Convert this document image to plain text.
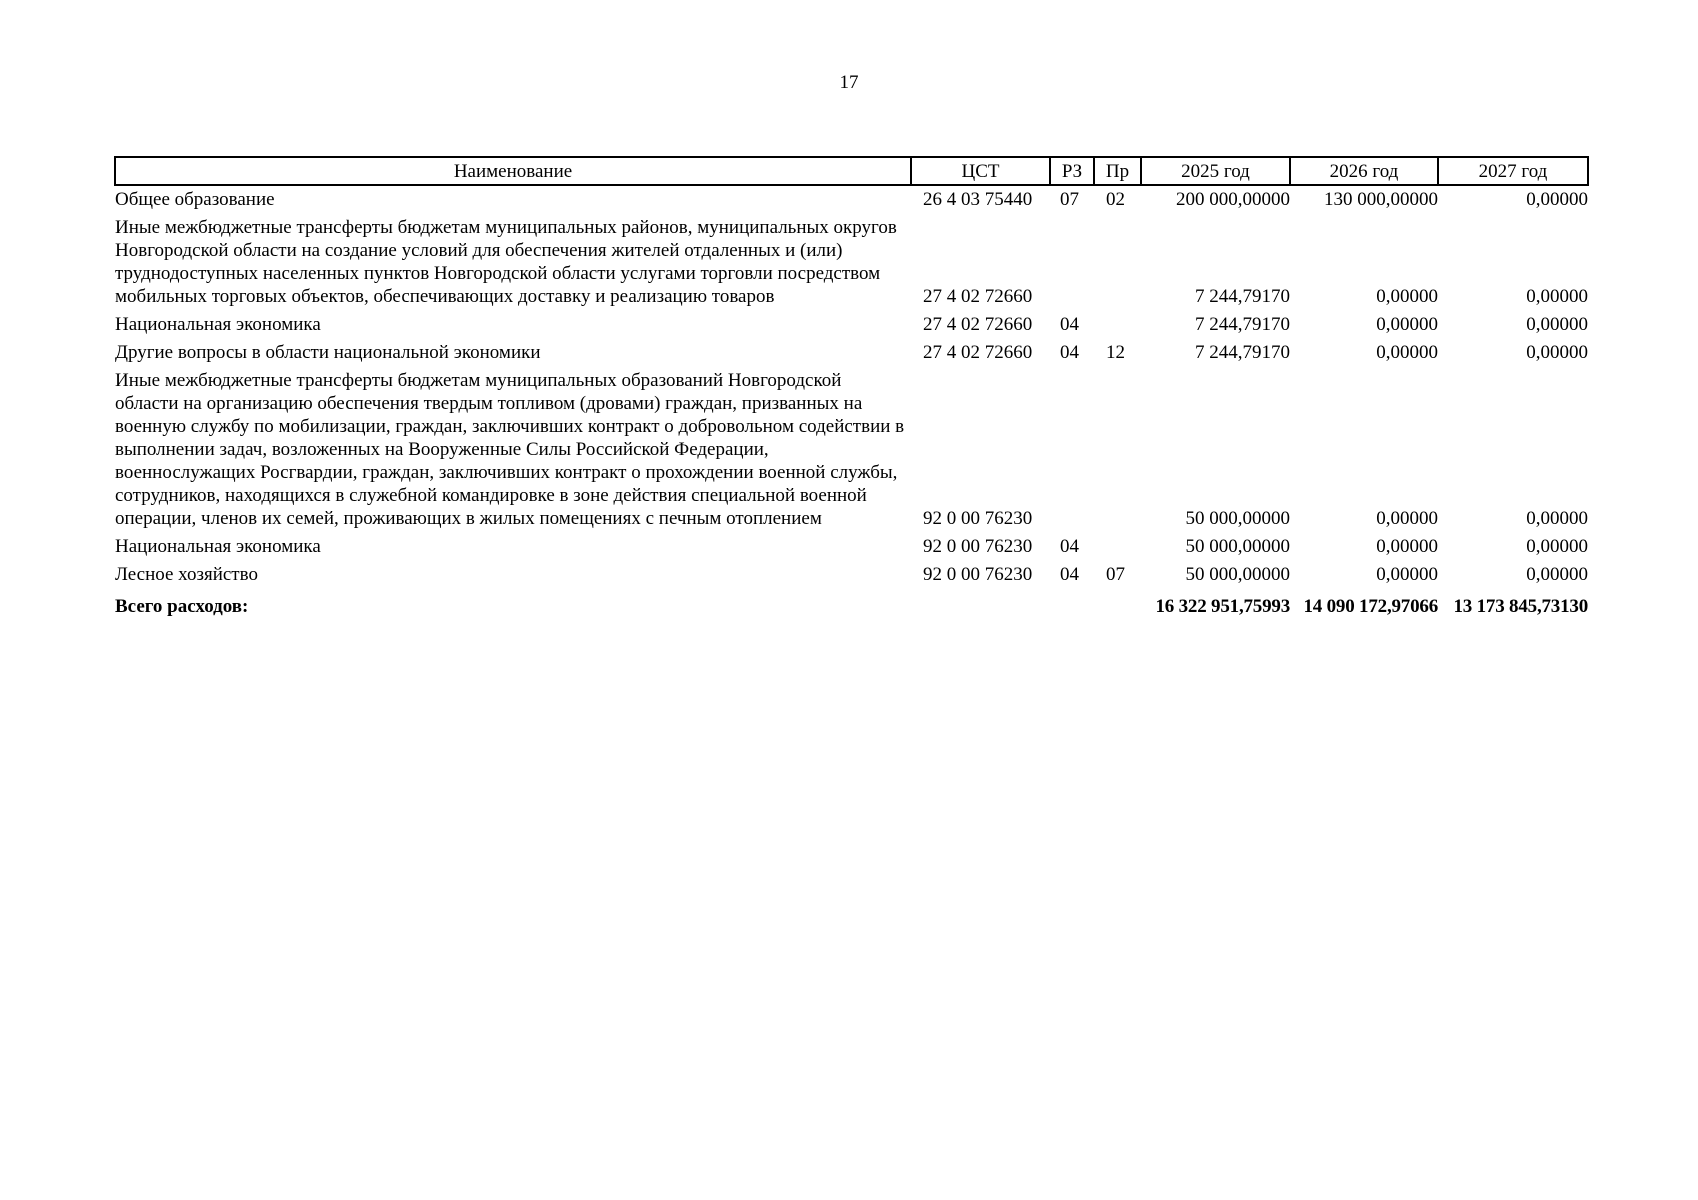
17
Наименование	ЦСТ	РЗ	Пр	2025 год	2026 год	2027 год
Общее образование	26 4 03 75440	07	02	200 000,00000	130 000,00000	0,00000
Иные межбюджетные трансферты бюджетам муниципальных районов, муниципальных округов Новгородской области на создание условий для обеспечения жителей отдаленных и (или) труднодоступных населенных пунктов Новгородской области услугами торговли посредством мобильных торговых объектов, обеспечивающих доставку и реализацию товаров	27 4 02 72660			7 244,79170	0,00000	0,00000
Национальная экономика	27 4 02 72660	04		7 244,79170	0,00000	0,00000
Другие вопросы в области национальной экономики	27 4 02 72660	04	12	7 244,79170	0,00000	0,00000
Иные межбюджетные трансферты бюджетам муниципальных образований Новгородской области на организацию обеспечения твердым топливом (дровами) граждан, призванных на военную службу по мобилизации, граждан, заключивших контракт о добровольном содействии в выполнении задач, возложенных на Вооруженные Силы Российской Федерации, военнослужащих Росгвардии, граждан, заключивших контракт о прохождении военной службы, сотрудников, находящихся в служебной командировке в зоне действия специальной военной операции, членов их семей, проживающих в жилых помещениях с печным отоплением	92 0 00 76230			50 000,00000	0,00000	0,00000
Национальная экономика	92 0 00 76230	04		50 000,00000	0,00000	0,00000
Лесное хозяйство	92 0 00 76230	04	07	50 000,00000	0,00000	0,00000
Всего расходов:				16 322 951,75993	14 090 172,97066	13 173 845,73130
